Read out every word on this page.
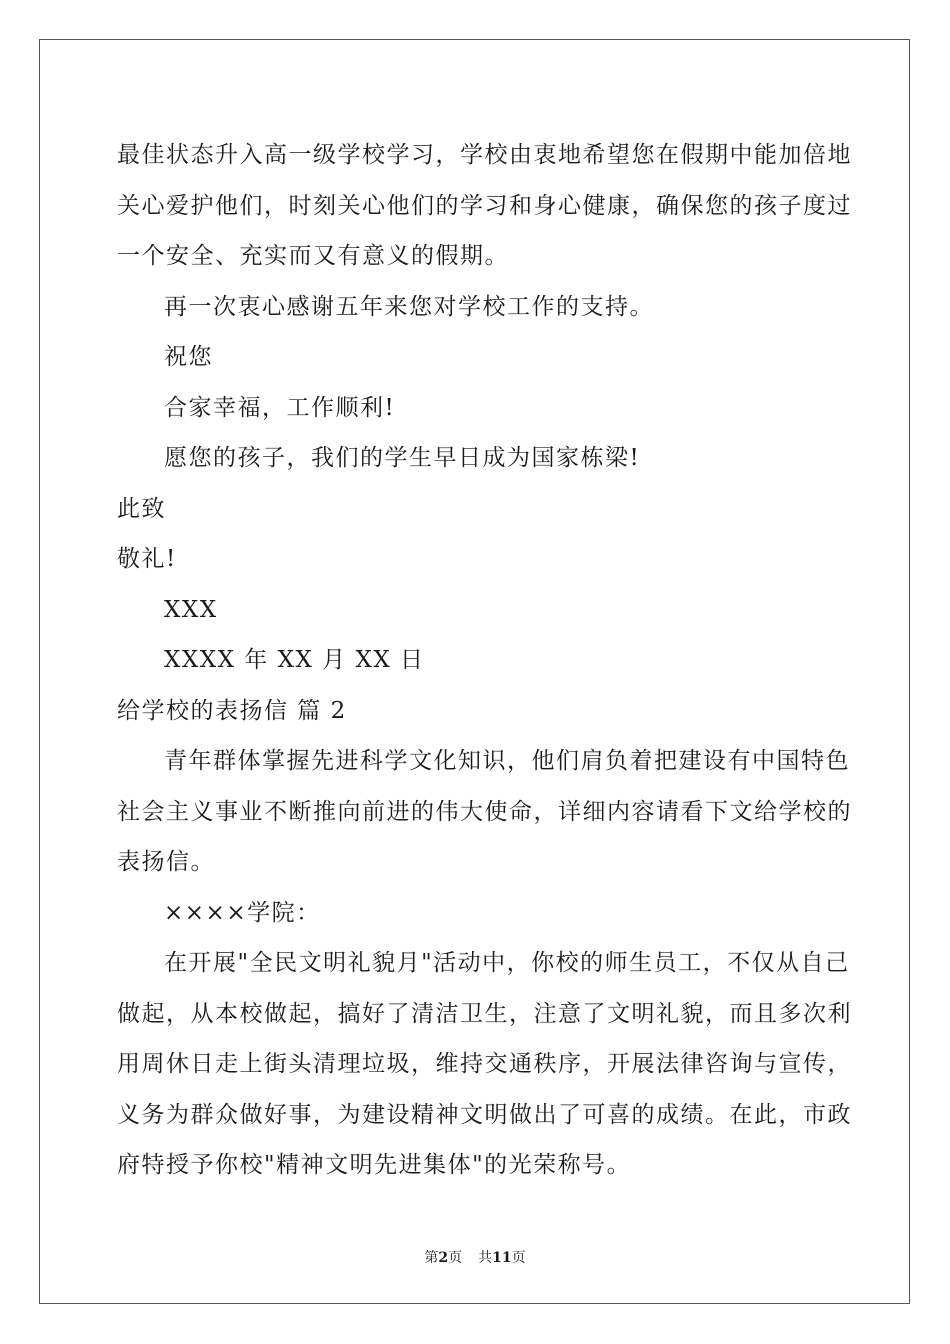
最佳状态升入高一级学校学习，学校由衷地希望您在假期中能加倍地
关心爱护他们，时刻关心他们的学习和身心健康，确保您的孩子度过
一个安全、充实而又有意义的假期。
再一次衷心感谢五年来您对学校工作的支持。
祝您
合家幸福，工作顺利!
愿您的孩子，我们的学生早日成为国家栋梁!
此致
敬礼!
XXX
XXXX 年 XX 月 XX 日
给学校的表扬信 篇 2
青年群体掌握先进科学文化知识，他们肩负着把建设有中国特色
社会主义事业不断推向前进的伟大使命，详细内容请看下文给学校的
表扬信。
××××学院：
在开展"全民文明礼貌月"活动中，你校的师生员工，不仅从自己
做起，从本校做起，搞好了清洁卫生，注意了文明礼貌，而且多次利
用周休日走上街头清理垃圾，维持交通秩序，开展法律咨询与宣传，
义务为群众做好事，为建设精神文明做出了可喜的成绩。在此，市政
府特授予你校"精神文明先进集体"的光荣称号。
第2页 共11页
